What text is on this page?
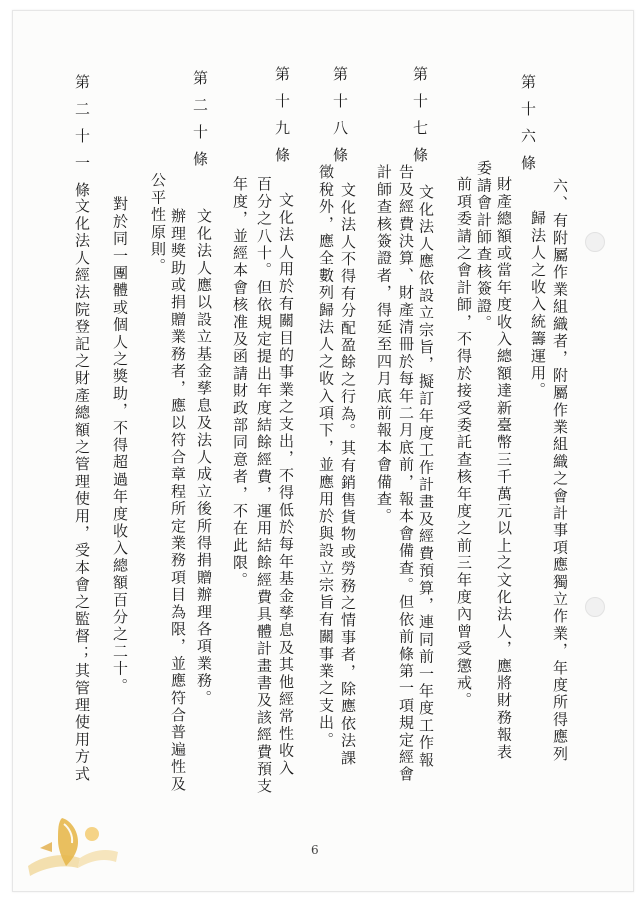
第十六條
六、有附屬作業組織者，附屬作業組織之會計事項應獨立作業，年度所得應列
歸法人之收入統籌運用。
財產總額或當年度收入總額達新臺幣三千萬元以上之文化法人，應將財務報表
委請會計師查核簽證。
前項委請之會計師，不得於接受委託查核年度之前三年度內曾受懲戒。
第十七條
文化法人應依設立宗旨，擬訂年度工作計畫及經費預算，連同前一年度工作報
告及經費決算、財產清冊於每年二月底前，報本會備查。但依前條第一項規定經會
計師查核簽證者，得延至四月底前報本會備查。
第十八條
文化法人不得有分配盈餘之行為。其有銷售貨物或勞務之情事者，除應依法課
徵稅外，應全數列歸法人之收入項下，並應用於與設立宗旨有關事業之支出。
第十九條
文化法人用於有關目的事業之支出，不得低於每年基金孳息及其他經常性收入
百分之八十。但依規定提出年度結餘經費，運用結餘經費具體計畫書及該經費預支
年度，並經本會核准及函請財政部同意者，不在此限。
第二十條
文化法人應以設立基金孳息及法人成立後所得捐贈辦理各項業務。
辦理獎助或捐贈業務者，應以符合章程所定業務項目為限，並應符合普遍性及
公平性原則。
對於同一團體或個人之獎助，不得超過年度收入總額百分之二十。
第二十一條
文化法人經法院登記之財產總額之管理使用，受本會之監督；其管理使用方式
6
